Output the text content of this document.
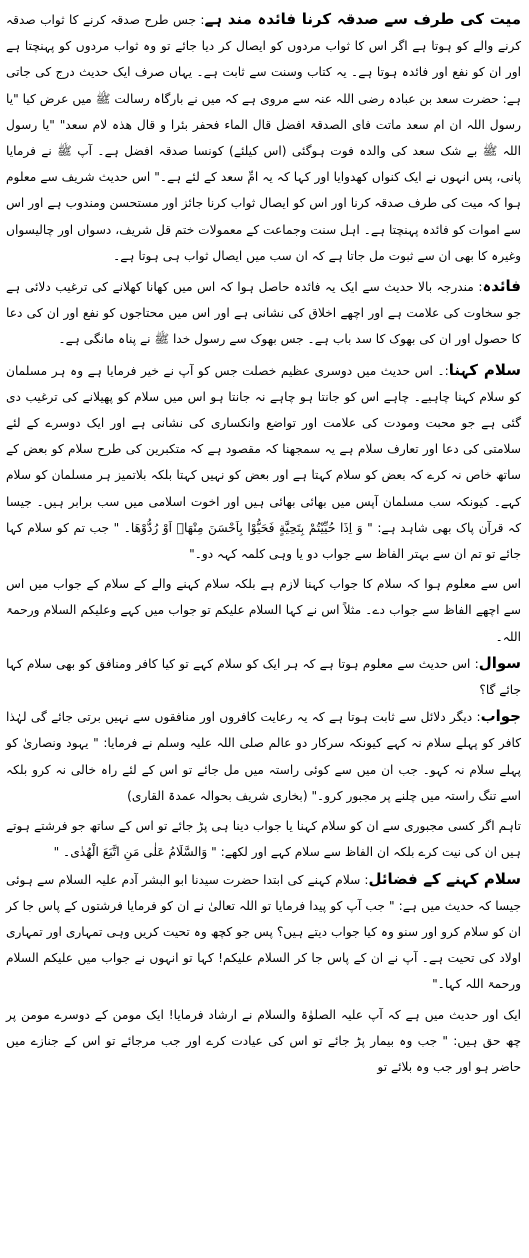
میت کی طرف سے صدقہ کرنا فائدہ مند ہے: جس طرح صدقہ کرنے کا ثواب صدقہ کرنے والے کو ہوتا ہے اگر اس کا ثواب مردوں کو ایصال کر دیا جائے تو وہ ثواب مردوں کو پہنچتا ہے اور ان کو نفع اور فائدہ ہوتا ہے۔ یہ کتاب وسنت سے ثابت ہے۔ یہاں صرف ایک حدیث درج کی جاتی ہے: حضرت سعد بن عبادہ رضی اللہ عنہ سے مروی ہے کہ میں نے بارگاہ رسالت ﷺ میں عرض کیا "یا رسول اللہ ان ام سعد ماتت فای الصدقۃ افضل قال الماء فحفر بئرا و قال ھذہ لام سعد" "یا رسول اللہ ﷺ بے شک سعد کی والدہ فوت ہوگئی (اس کیلئے) کونسا صدقہ افضل ہے۔ آپ ﷺ نے فرمایا پانی، پس انہوں نے ایک کنواں کھدوایا اور کہا کہ یہ امِّ سعد کے لئے ہے۔" اس حدیث شریف سے معلوم ہوا کہ میت کی طرف صدقہ کرنا اور اس کو ایصال ثواب کرنا جائز اور مستحسن ومندوب ہے اور اس سے اموات کو فائدہ پہنچتا ہے۔ اہل سنت وجماعت کے معمولات ختم قل شریف، دسواں اور چالیسواں وغیرہ کا بھی ان سے ثبوت مل جاتا ہے کہ ان سب میں ایصال ثواب ہی ہوتا ہے۔

فائدہ: مندرجہ بالا حدیث سے ایک یہ فائدہ حاصل ہوا کہ اس میں کھانا کھلانے کی ترغیب دلائی ہے جو سخاوت کی علامت ہے اور اچھے اخلاق کی نشانی ہے اور اس میں محتاجوں کو نفع اور ان کی دعا کا حصول اور ان کی بھوک کا سد باب ہے۔ جس بھوک سے رسول خدا ﷺ نے پناہ مانگی ہے۔

سلام کہنا:۔ اس حدیث میں دوسری عظیم خصلت جس کو آپ نے خیر فرمایا ہے وہ ہر مسلمان کو سلام کہنا چاہیے۔ چاہے اس کو جانتا ہو چاہے نہ جانتا ہو اس میں سلام کو پھیلانے کی ترغیب دی گئی ہے جو محبت ومودت کی علامت اور تواضع وانکساری کی نشانی ہے اور ایک دوسرے کے لئے سلامتی کی دعا اور تعارف سلام ہے یہ سمجھنا کہ مقصود ہے کہ متکبرین کی طرح سلام کو بعض کے ساتھ خاص نہ کرے کہ بعض کو سلام کہتا ہے اور بعض کو نہیں کہتا بلکہ بلاتمیز ہر مسلمان کو سلام کہے۔ کیونکہ سب مسلمان آپس میں بھائی بھائی ہیں اور اخوت اسلامی میں سب برابر ہیں۔ جیسا کہ قرآن پاک بھی شاہد ہے: " وَ اِذَا حُیِّیْتُمْ بِتَحِیَّةٍ فَحَیُّوْا بِاَحْسَنَ مِنْهَاۤ اَوْ رُدُّوْهَا۔ " جب تم کو سلام کہا جائے تو تم ان سے بہتر الفاظ سے جواب دو یا وہی کلمہ کہہ دو۔"

اس سے معلوم ہوا کہ سلام کا جواب کہنا لازم ہے بلکہ سلام کہنے والے کے سلام کے جواب میں اس سے اچھے الفاظ سے جواب دے۔ مثلاً اس نے کہا السلام علیکم تو جواب میں کہے وعلیکم السلام ورحمۃ اللہ۔

سوال: اس حدیث سے معلوم ہوتا ہے کہ ہر ایک کو سلام کہے تو کیا کافر ومنافق کو بھی سلام کہا جائے گا؟

جواب: دیگر دلائل سے ثابت ہوتا ہے کہ یہ رعایت کافروں اور منافقوں سے نہیں برتی جائے گی لہٰذا کافر کو پہلے سلام نہ کہے کیونکہ سرکار دو عالم صلی اللہ علیہ وسلم نے فرمایا: " یہود ونصاریٰ کو پہلے سلام نہ کہو۔ جب ان میں سے کوئی راستہ میں مل جائے تو اس کے لئے راہ خالی نہ کرو بلکہ اسے تنگ راستہ میں چلنے پر مجبور کرو۔" (بخاری شریف بحوالہ عمدۃ القاری)

تاہم اگر کسی مجبوری سے ان کو سلام کہنا یا جواب دینا ہی پڑ جائے تو اس کے ساتھ جو فرشتے ہوتے ہیں ان کی نیت کرے بلکہ ان الفاظ سے سلام کہے اور لکھے: " وَالسَّلَامُ عَلٰی مَنِ اتَّبَعَ الْهُدٰى۔ "

سلام کہنے کے فضائل: سلام کہنے کی ابتدا حضرت سیدنا ابو البشر آدم علیہ السلام سے ہوئی جیسا کہ حدیث میں ہے: " جب آپ کو پیدا فرمایا تو اللہ تعالیٰ نے ان کو فرمایا فرشتوں کے پاس جا کر ان کو سلام کرو اور سنو وہ کیا جواب دیتے ہیں؟ پس جو کچھ وہ تحیت کریں وہی تمہاری اور تمہاری اولاد کی تحیت ہے۔ آپ نے ان کے پاس جا کر السلام علیکم! کہا تو انہوں نے جواب میں علیکم السلام ورحمۃ اللہ کہا۔"

ایک اور حدیث میں ہے کہ آپ علیہ الصلوٰۃ والسلام نے ارشاد فرمایا! ایک مومن کے دوسرے مومن پر چھ حق ہیں: " جب وہ بیمار پڑ جائے تو اس کی عیادت کرے اور جب مرجائے تو اس کے جنازے میں حاضر ہو اور جب وہ بلائے تو
